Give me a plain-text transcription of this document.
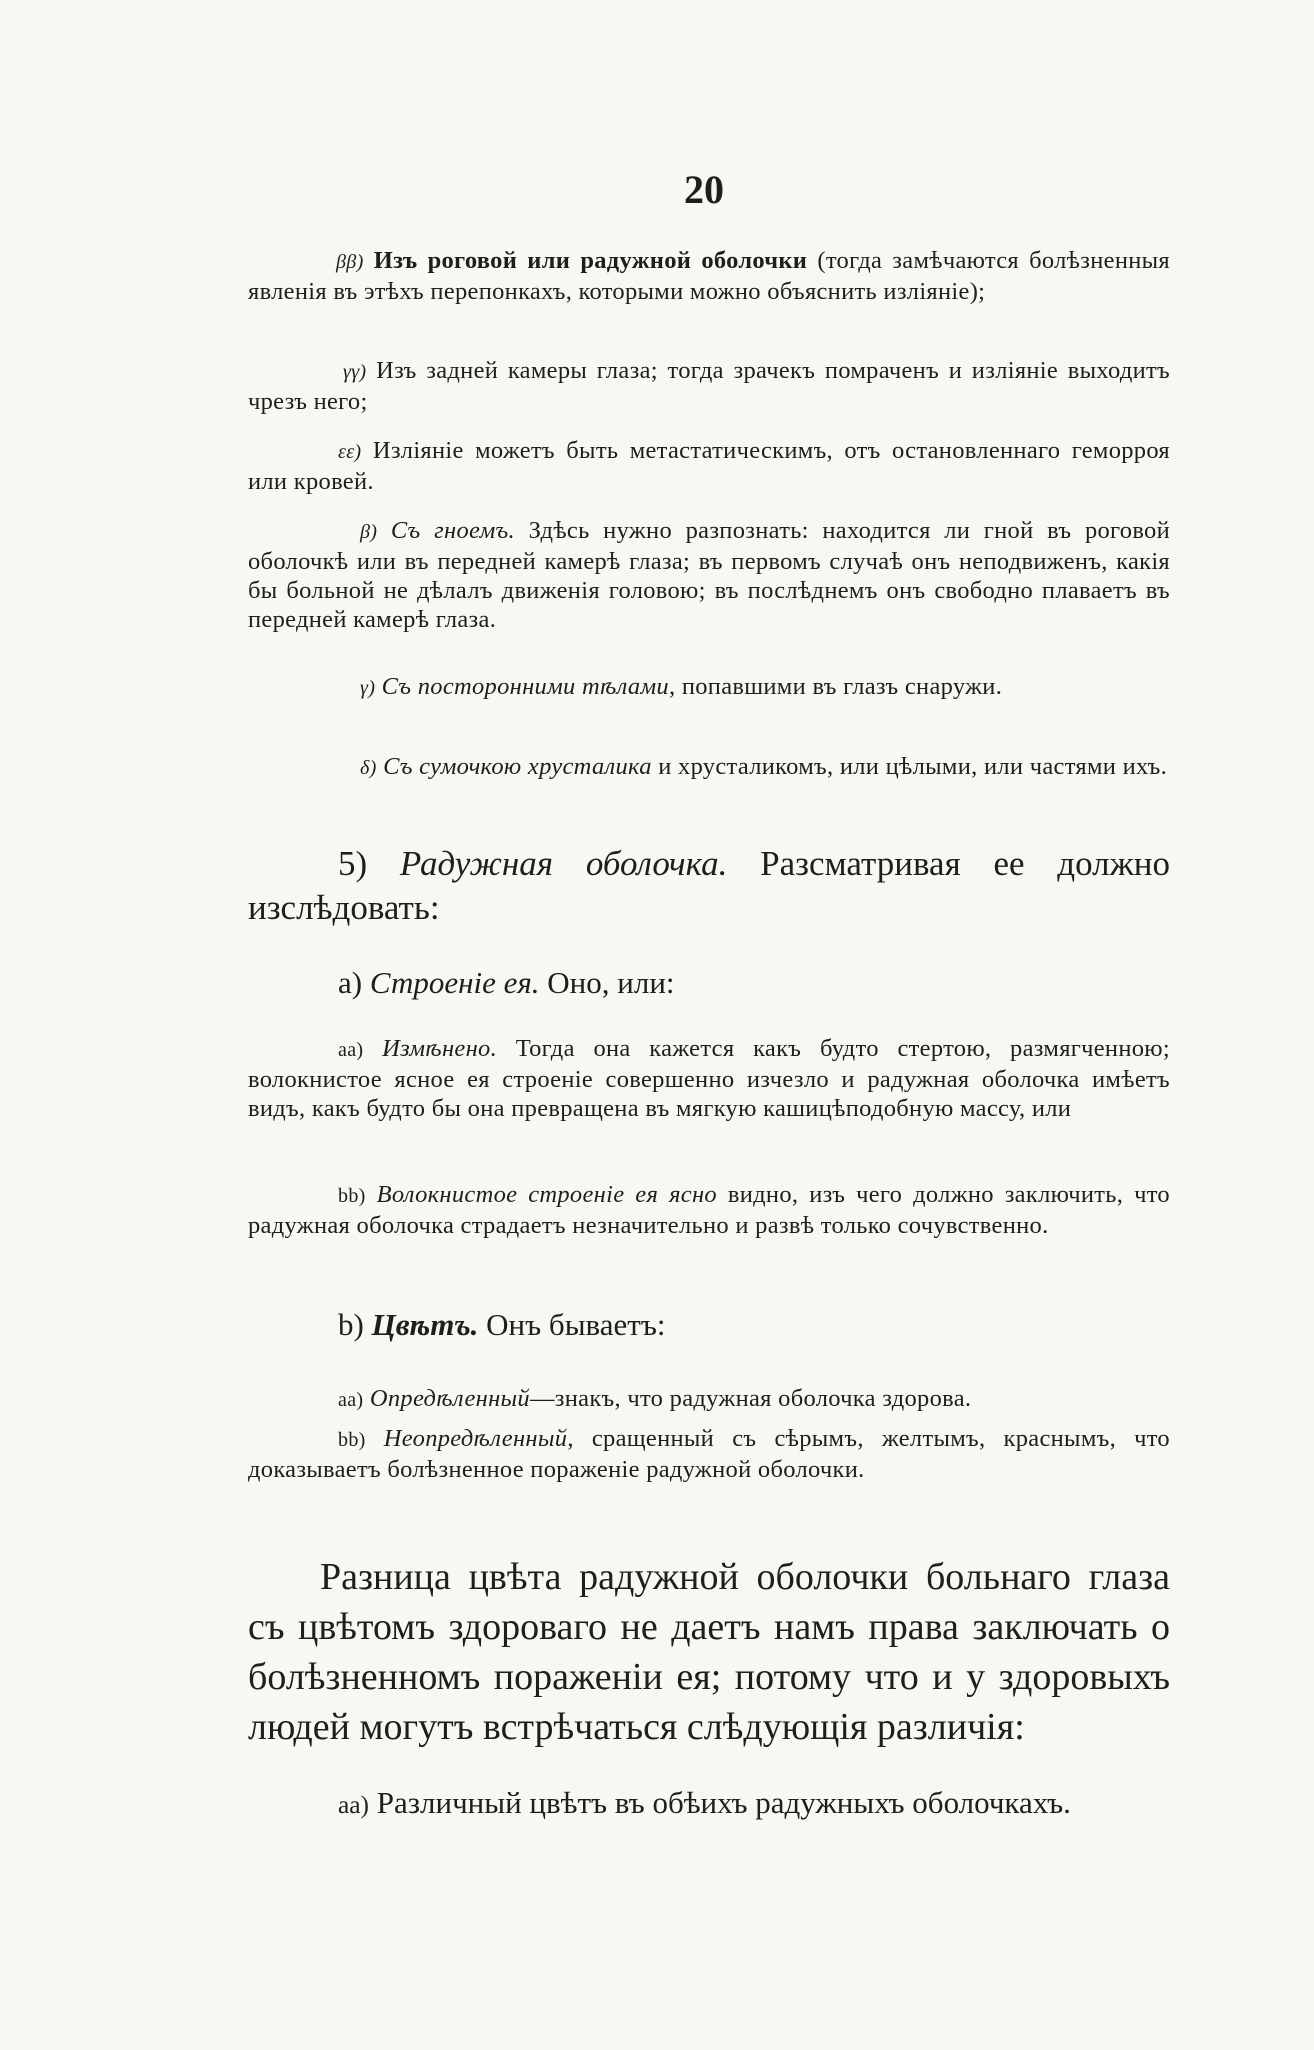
20

ββ) Изъ роговой или радужной оболочки (тогда замѣчаются болѣзненныя явленія въ этѣхъ перепонкахъ, которыми можно объяснить изліяніе);

γγ) Изъ задней камеры глаза; тогда зрачекъ помраченъ и изліяніе выходитъ чрезъ него;

εε) Изліяніе можетъ быть метастатическимъ, отъ остановленнаго геморроя или кровей.

β) Съ гноемъ. Здѣсь нужно разпознать: находится ли гной въ роговой оболочкѣ или въ передней камерѣ глаза; въ первомъ случаѣ онъ неподвиженъ, какія бы больной не дѣлалъ движенія головою; въ послѣднемъ онъ свободно плаваетъ въ передней камерѣ глаза.

γ) Съ посторонними тѣлами, попавшими въ глазъ снаружи.

δ) Съ сумочкою хрусталика и хрусталикомъ, или цѣлыми, или частями ихъ.

5) Радужная оболочка. Разсматривая ее должно изслѣдовать:

a) Строеніе ея. Оно, или:

aa) Измѣнено. Тогда она кажется какъ будто стертою, размягченною; волокнистое ясное ея строеніе совершенно изчезло и радужная оболочка имѣетъ видъ, какъ будто бы она превращена въ мягкую кашицѣподобную массу, или

bb) Волокнистое строеніе ея ясно видно, изъ чего должно заключить, что радужная оболочка страдаетъ незначительно и развѣ только сочувственно.

b) Цвѣтъ. Онъ бываетъ:

aa) Опредѣленный—знакъ, что радужная оболочка здорова.

bb) Неопредѣленный, сращенный съ сѣрымъ, желтымъ, краснымъ, что доказываетъ болѣзненное пораженіе радужной оболочки.

Разница цвѣта радужной оболочки больнаго глаза съ цвѣтомъ здороваго не даетъ намъ права заключать о болѣзненномъ пораженіи ея; потому что и у здоровыхъ людей могутъ встрѣчаться слѣдующія различія:

aa) Различный цвѣтъ въ обѣихъ радужныхъ оболочкахъ.
